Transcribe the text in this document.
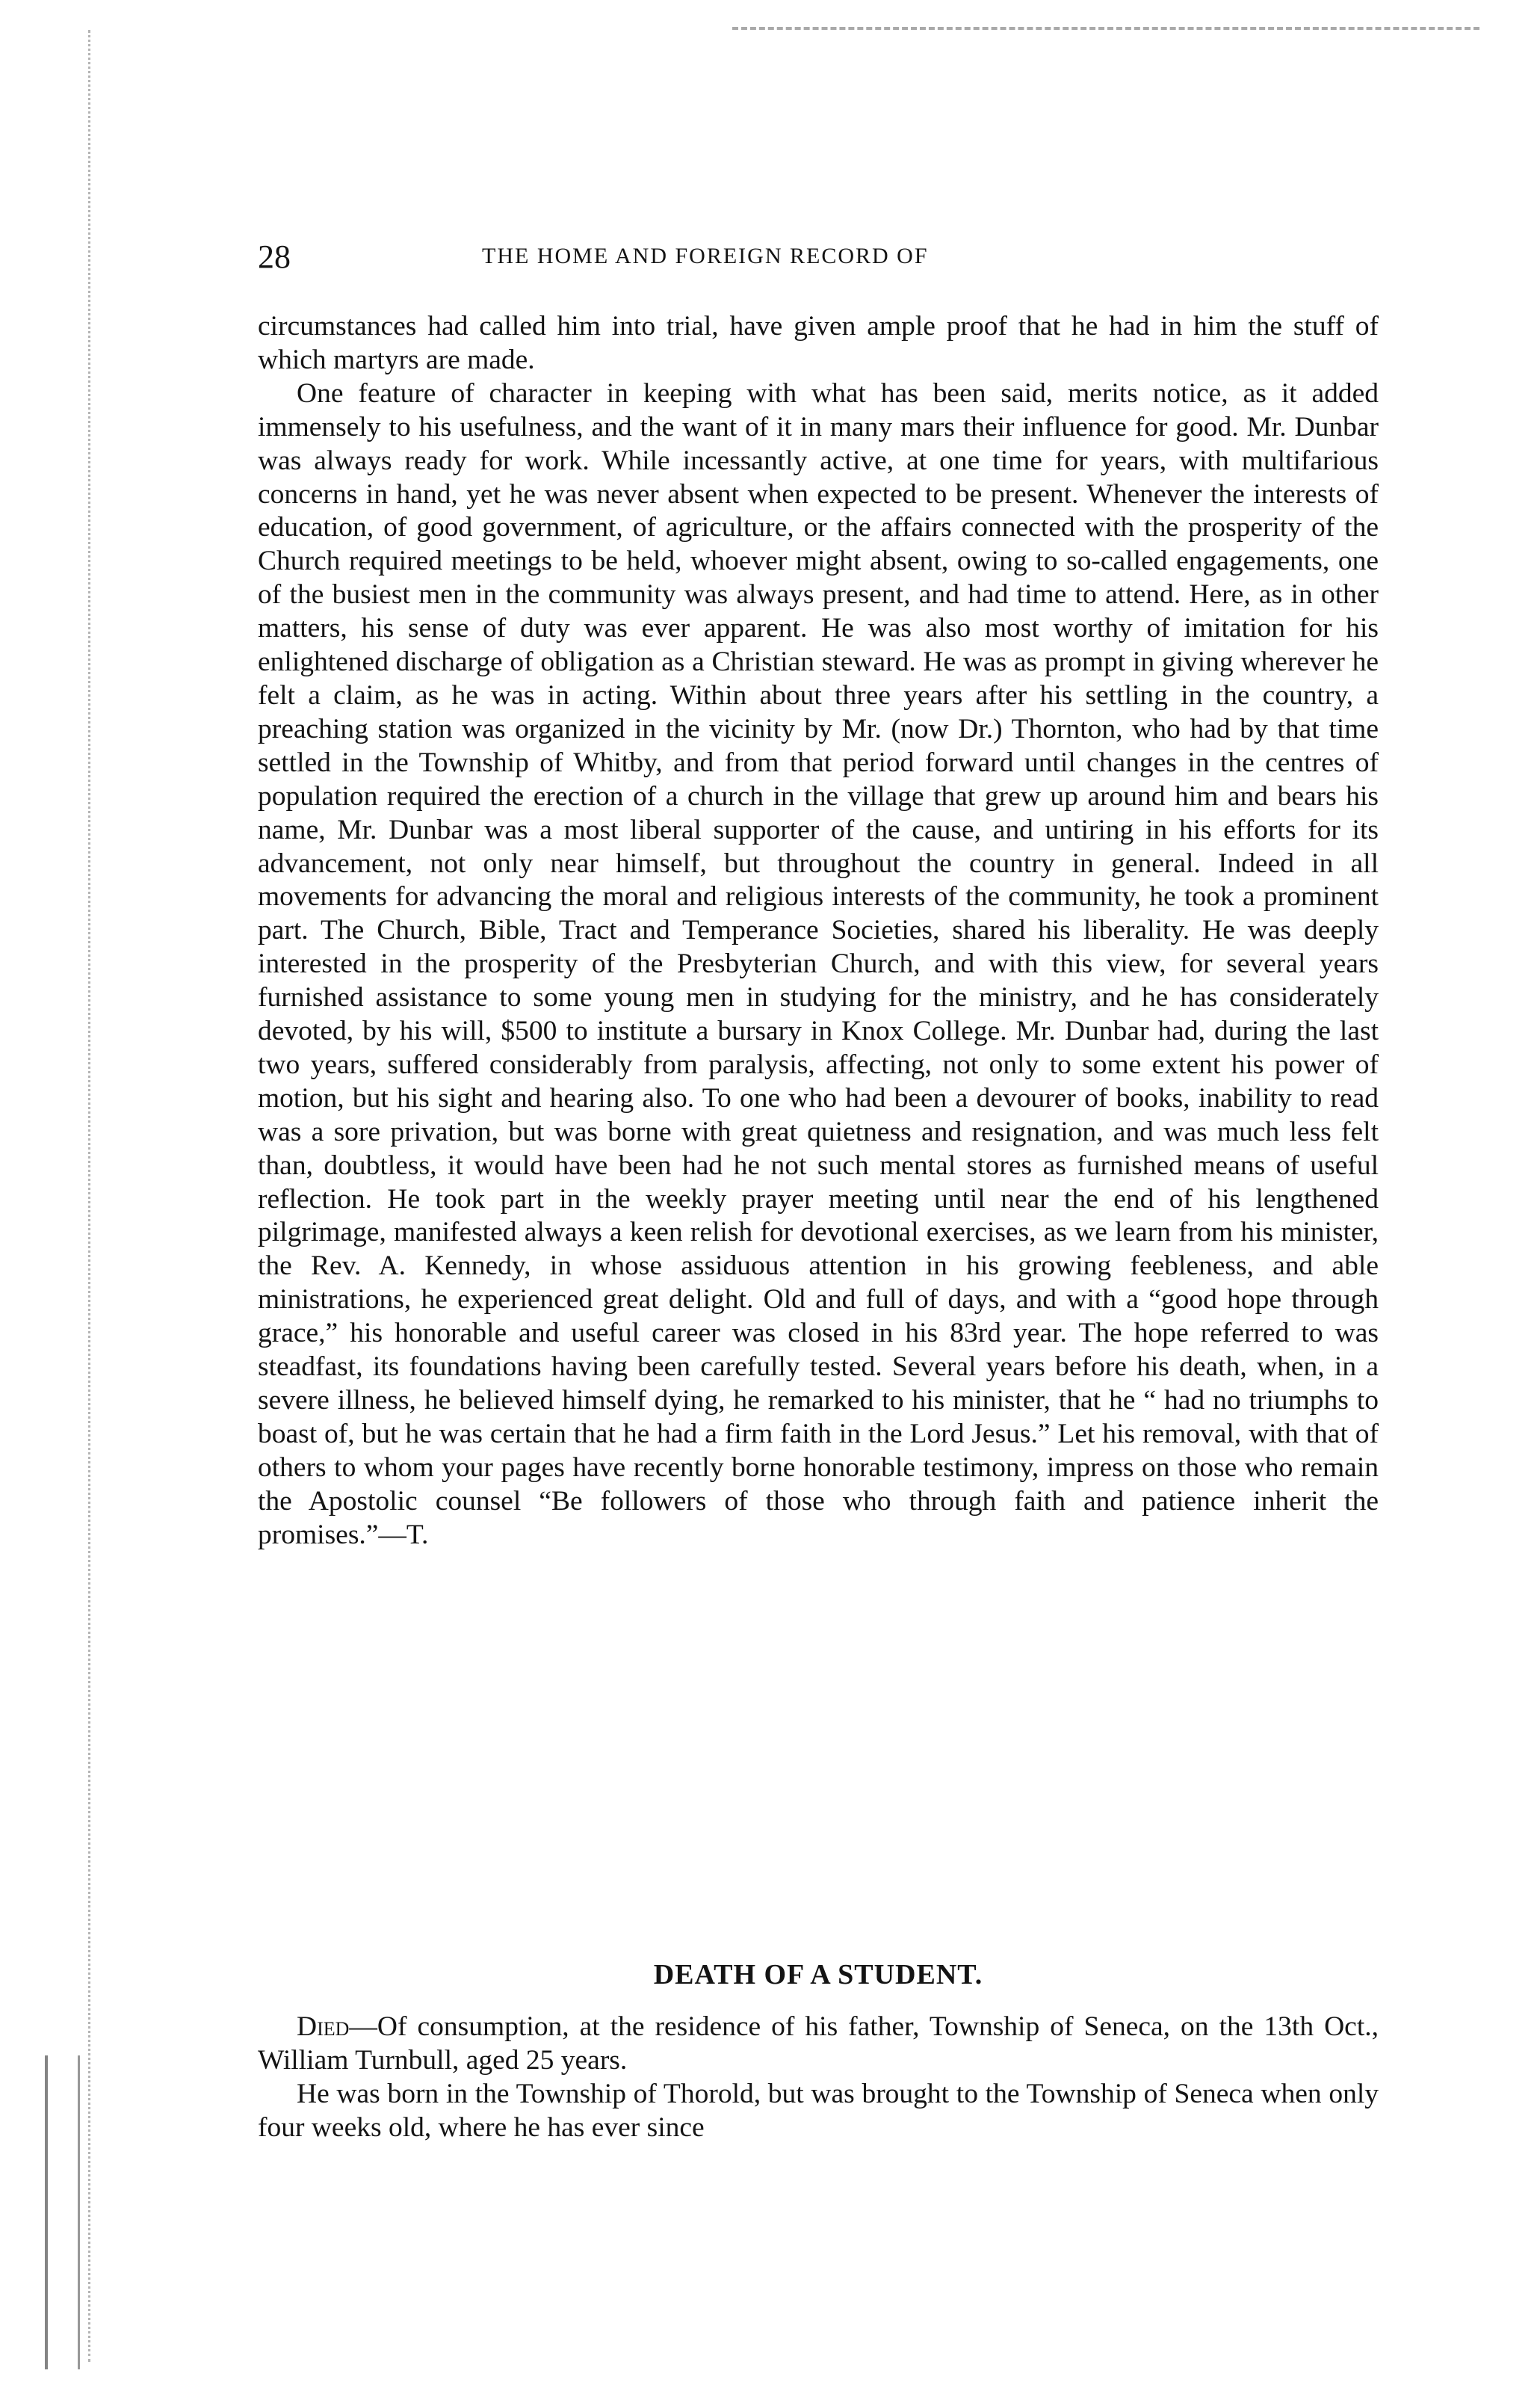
28	THE HOME AND FOREIGN RECORD OF

circumstances had called him into trial, have given ample proof that he had in him the stuff of which martyrs are made.

One feature of character in keeping with what has been said, merits notice, as it added immensely to his usefulness, and the want of it in many mars their influence for good. Mr. Dunbar was always ready for work. While incessantly active, at one time for years, with multifarious concerns in hand, yet he was never absent when expected to be present. Whenever the interests of education, of good government, of agriculture, or the affairs connected with the prosperity of the Church required meetings to be held, whoever might absent, owing to so-called engagements, one of the busiest men in the community was always present, and had time to attend. Here, as in other matters, his sense of duty was ever apparent. He was also most worthy of imitation for his enlightened discharge of obligation as a Christian steward. He was as prompt in giving wherever he felt a claim, as he was in acting. Within about three years after his settling in the country, a preaching station was organized in the vicinity by Mr. (now Dr.) Thornton, who had by that time settled in the Township of Whitby, and from that period forward until changes in the centres of population required the erection of a church in the village that grew up around him and bears his name, Mr. Dunbar was a most liberal supporter of the cause, and untiring in his efforts for its advancement, not only near himself, but throughout the country in general. Indeed in all movements for advancing the moral and religious interests of the community, he took a prominent part. The Church, Bible, Tract and Temperance Societies, shared his liberality. He was deeply interested in the prosperity of the Presbyterian Church, and with this view, for several years furnished assistance to some young men in studying for the ministry, and he has considerately devoted, by his will, $500 to institute a bursary in Knox College. Mr. Dunbar had, during the last two years, suffered considerably from paralysis, affecting, not only to some extent his power of motion, but his sight and hearing also. To one who had been a devourer of books, inability to read was a sore privation, but was borne with great quietness and resignation, and was much less felt than, doubtless, it would have been had he not such mental stores as furnished means of useful reflection. He took part in the weekly prayer meeting until near the end of his lengthened pilgrimage, manifested always a keen relish for devotional exercises, as we learn from his minister, the Rev. A. Kennedy, in whose assiduous attention in his growing feebleness, and able ministrations, he experienced great delight. Old and full of days, and with a “good hope through grace,” his honorable and useful career was closed in his 83rd year. The hope referred to was steadfast, its foundations having been carefully tested. Several years before his death, when, in a severe illness, he believed himself dying, he remarked to his minister, that he “ had no triumphs to boast of, but he was certain that he had a firm faith in the Lord Jesus.” Let his removal, with that of others to whom your pages have recently borne honorable testimony, impress on those who remain the Apostolic counsel “Be followers of those who through faith and patience inherit the promises.”—T.

DEATH OF A STUDENT.

Died—Of consumption, at the residence of his father, Township of Seneca, on the 13th Oct., William Turnbull, aged 25 years.

He was born in the Township of Thorold, but was brought to the Township of Seneca when only four weeks old, where he has ever since
